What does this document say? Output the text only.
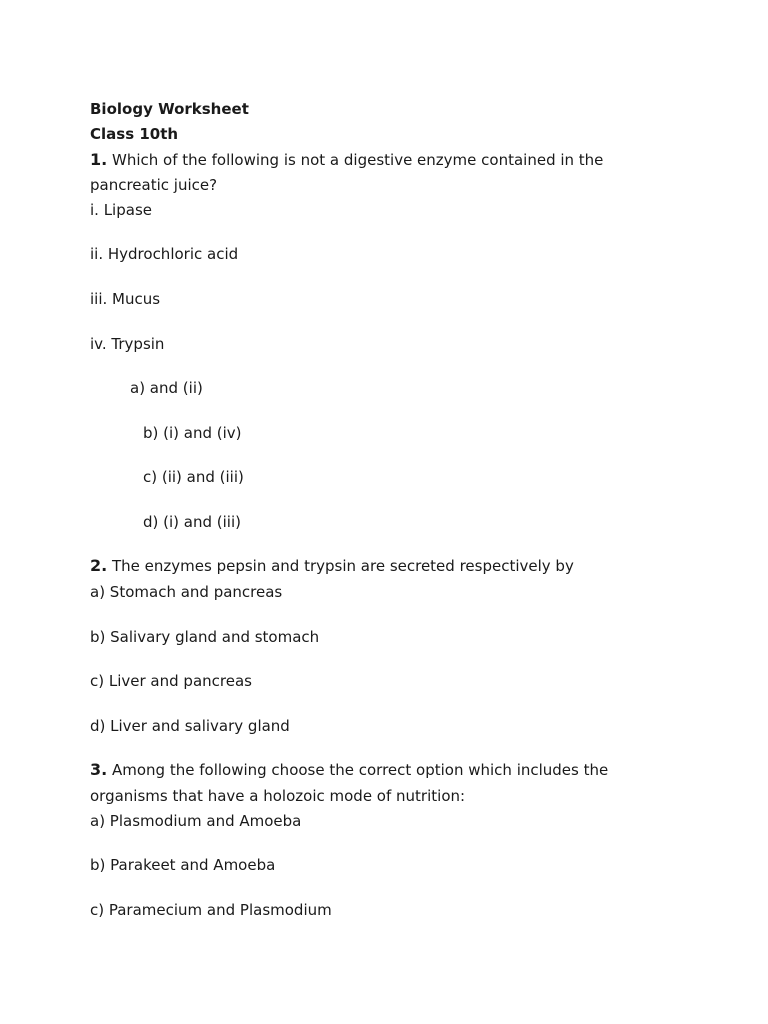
Biology Worksheet
Class 10th
1. Which of the following is not a digestive enzyme contained in the
pancreatic juice?
i. Lipase
ii. Hydrochloric acid
iii. Mucus
iv. Trypsin
a) and (ii)
b) (i) and (iv)
c) (ii) and (iii)
d) (i) and (iii)
2. The enzymes pepsin and trypsin are secreted respectively by
a) Stomach and pancreas
b) Salivary gland and stomach
c) Liver and pancreas
d) Liver and salivary gland
3. Among the following choose the correct option which includes the
organisms that have a holozoic mode of nutrition:
a) Plasmodium and Amoeba
b) Parakeet and Amoeba
c) Paramecium and Plasmodium
